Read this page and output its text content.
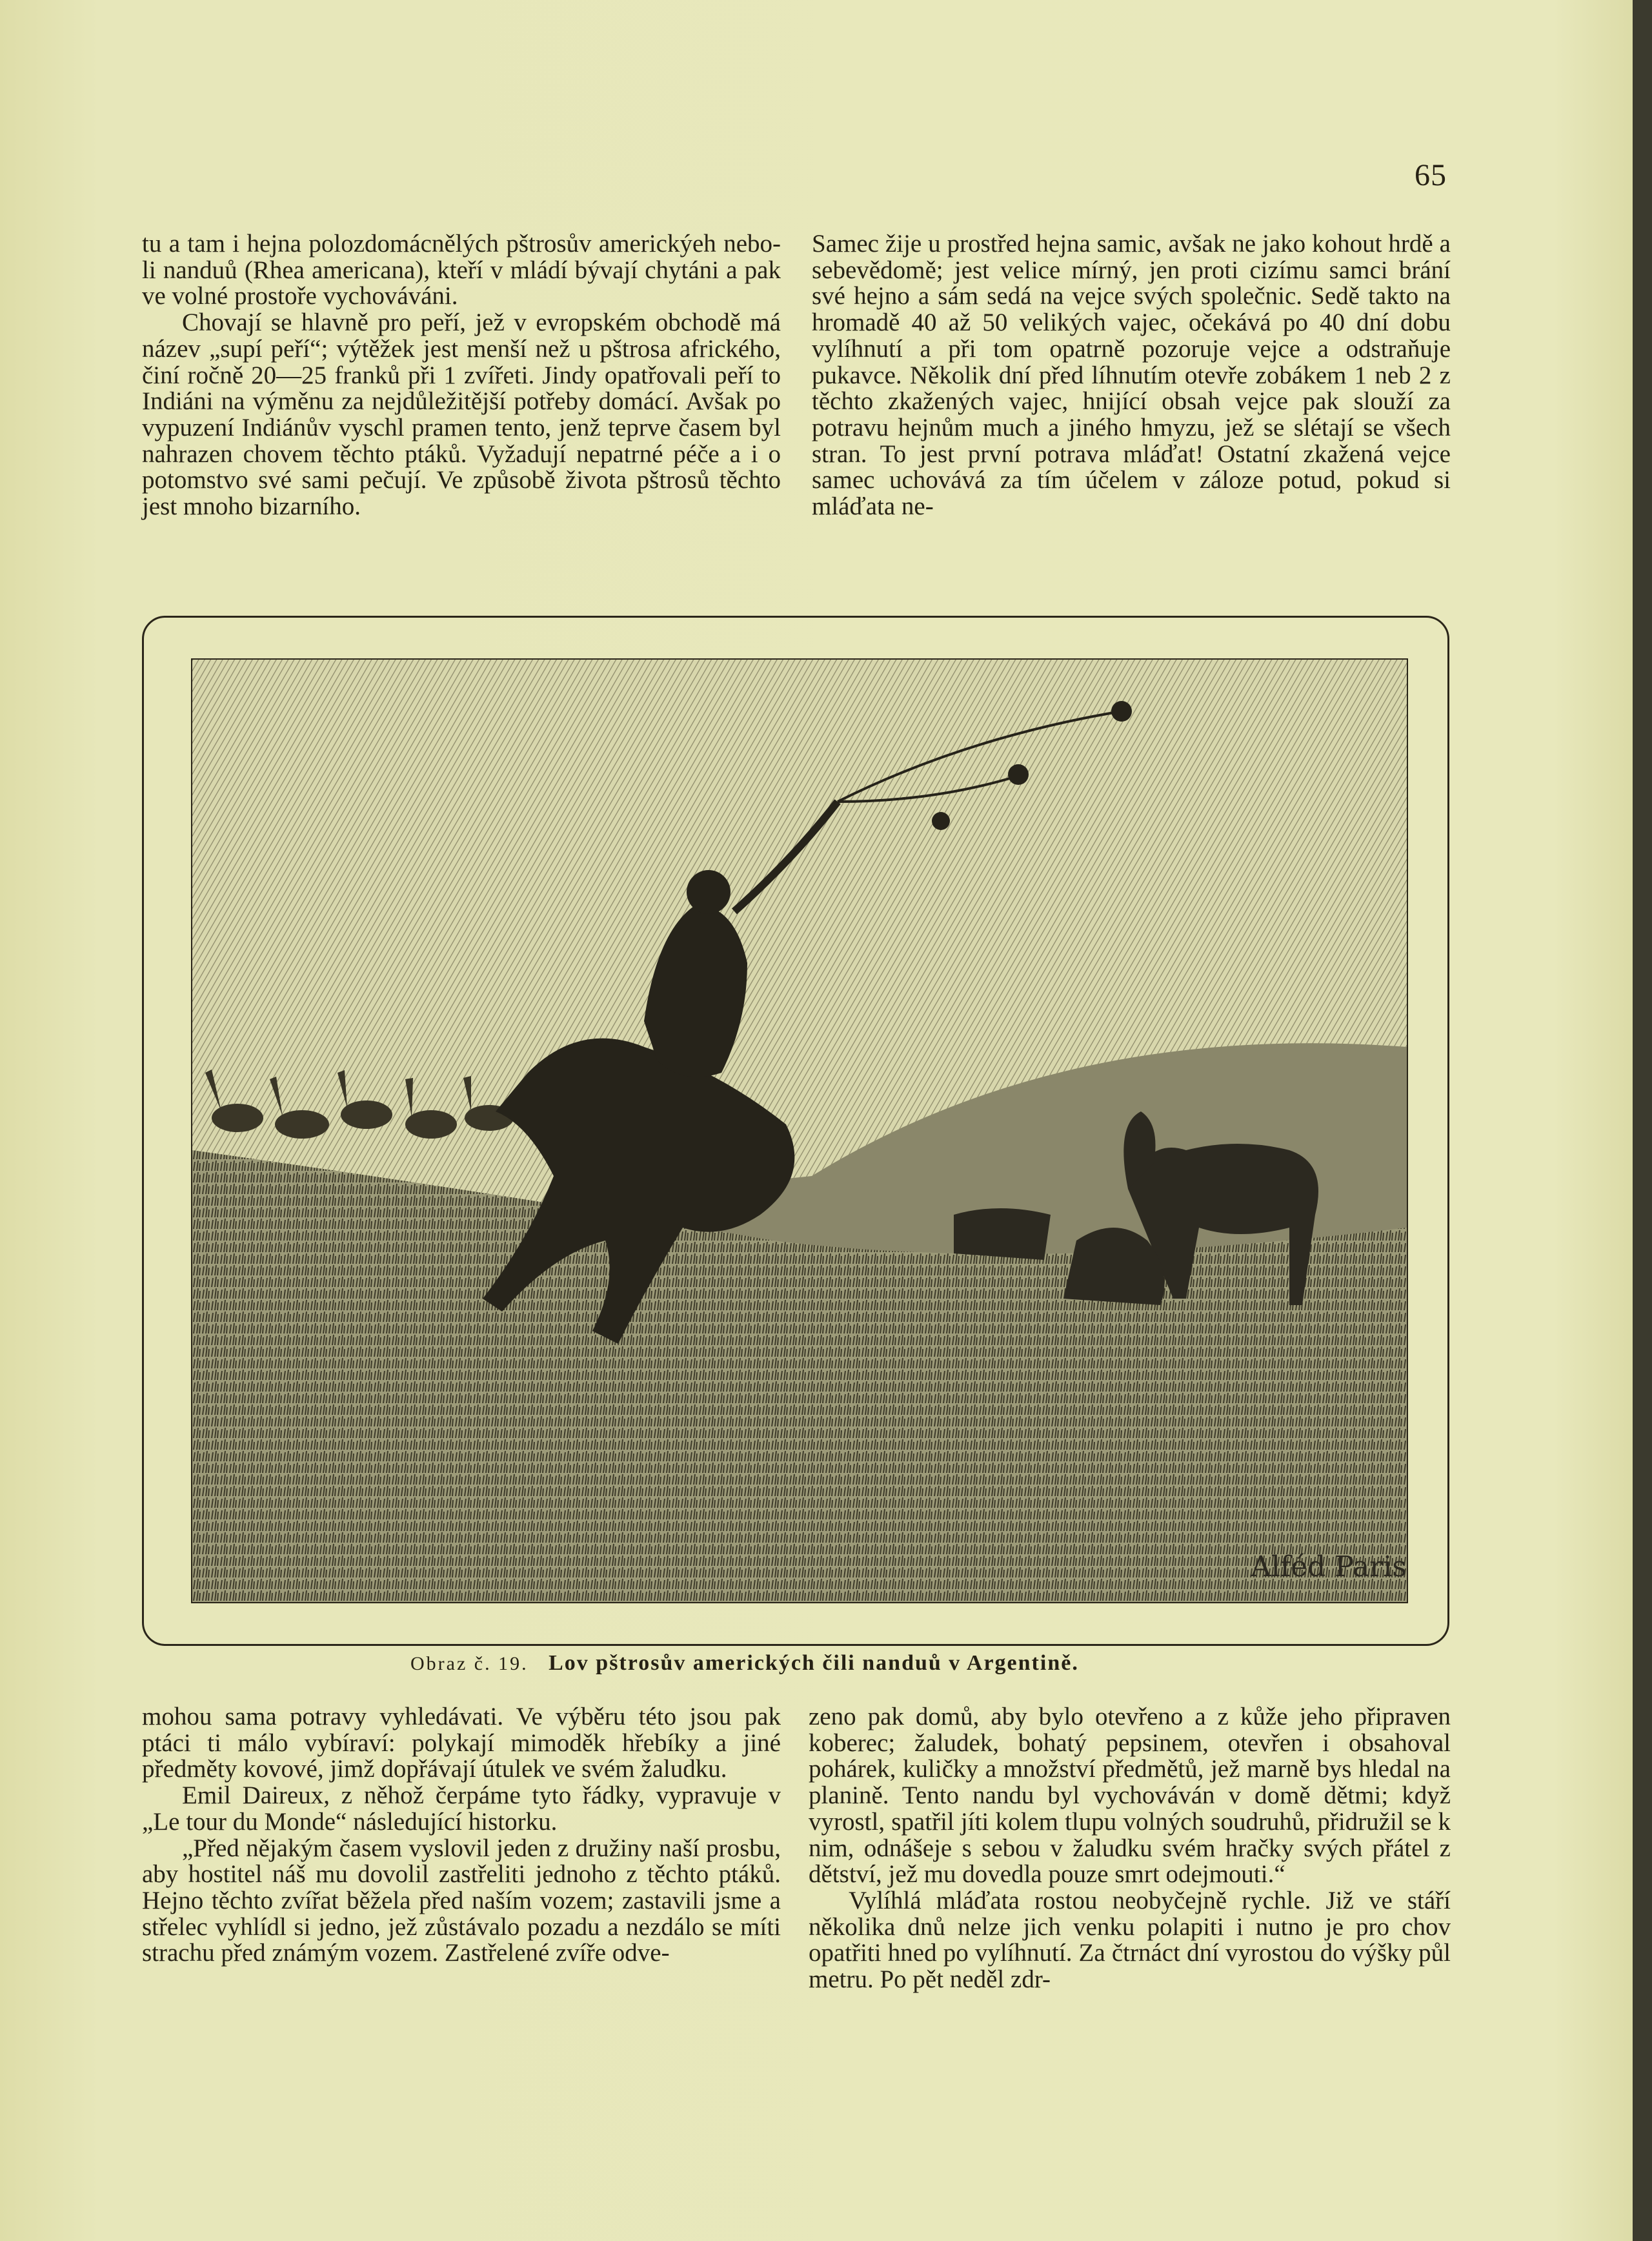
65

tu a tam i hejna polozdomácnělých pštrosův americkýeh nebo-li nanduů (Rhea americana), kteří v mládí bývají chytáni a pak ve volné prostoře vychováváni.

Chovají se hlavně pro peří, jež v evropském obchodě má název „supí peří“; výtěžek jest menší než u pštrosa afrického, činí ročně 20—25 franků při 1 zvířeti. Jindy opatřovali peří to Indiáni na výměnu za nejdůležitější potřeby domácí. Avšak po vypuzení Indiánův vyschl pramen tento, jenž teprve časem byl nahrazen chovem těchto ptáků. Vyžadují nepatrné péče a i o potomstvo své sami pečují. Ve způsobě života pštrosů těchto jest mnoho bizarního.

Samec žije u prostřed hejna samic, avšak ne jako kohout hrdě a sebevědomě; jest velice mírný, jen proti cizímu samci brání své hejno a sám sedá na vejce svých společnic. Sedě takto na hromadě 40 až 50 velikých vajec, očekává po 40 dní dobu vylíhnutí a při tom opatrně pozoruje vejce a odstraňuje pukavce. Několik dní před líhnutím otevře zobákem 1 neb 2 z těchto zkažených vajec, hnijící obsah vejce pak slouží za potravu hejnům much a jiného hmyzu, jež se slétají se všech stran. To jest první potrava mláďat! Ostatní zkažená vejce samec uchovává za tím účelem v záloze potud, pokud si mláďata ne-

Alféd Paris
Obraz č. 19. Lov pštrosův amerických čili nanduů v Argentině.

mohou sama potravy vyhledávati. Ve výběru této jsou pak ptáci ti málo vybíraví: polykají mimoděk hřebíky a jiné předměty kovové, jimž dopřávají útulek ve svém žaludku.

Emil Daireux, z něhož čerpáme tyto řádky, vypravuje v „Le tour du Monde“ následující historku.

„Před nějakým časem vyslovil jeden z družiny naší prosbu, aby hostitel náš mu dovolil zastřeliti jednoho z těchto ptáků. Hejno těchto zvířat běžela před naším vozem; zastavili jsme a střelec vyhlídl si jedno, jež zůstávalo pozadu a nezdálo se míti strachu před známým vozem. Zastřelené zvíře odve-

zeno pak domů, aby bylo otevřeno a z kůže jeho připraven koberec; žaludek, bohatý pepsinem, otevřen i obsahoval pohárek, kuličky a množství předmětů, jež marně bys hledal na planině. Tento nandu byl vychováván v domě dětmi; když vyrostl, spatřil jíti kolem tlupu volných soudruhů, přidružil se k nim, odnášeje s sebou v žaludku svém hračky svých přátel z dětství, jež mu dovedla pouze smrt odejmouti.“

Vylíhlá mláďata rostou neobyčejně rychle. Již ve stáří několika dnů nelze jich venku polapiti i nutno je pro chov opatřiti hned po vylíhnutí. Za čtrnáct dní vyrostou do výšky půl metru. Po pět neděl zdr-
